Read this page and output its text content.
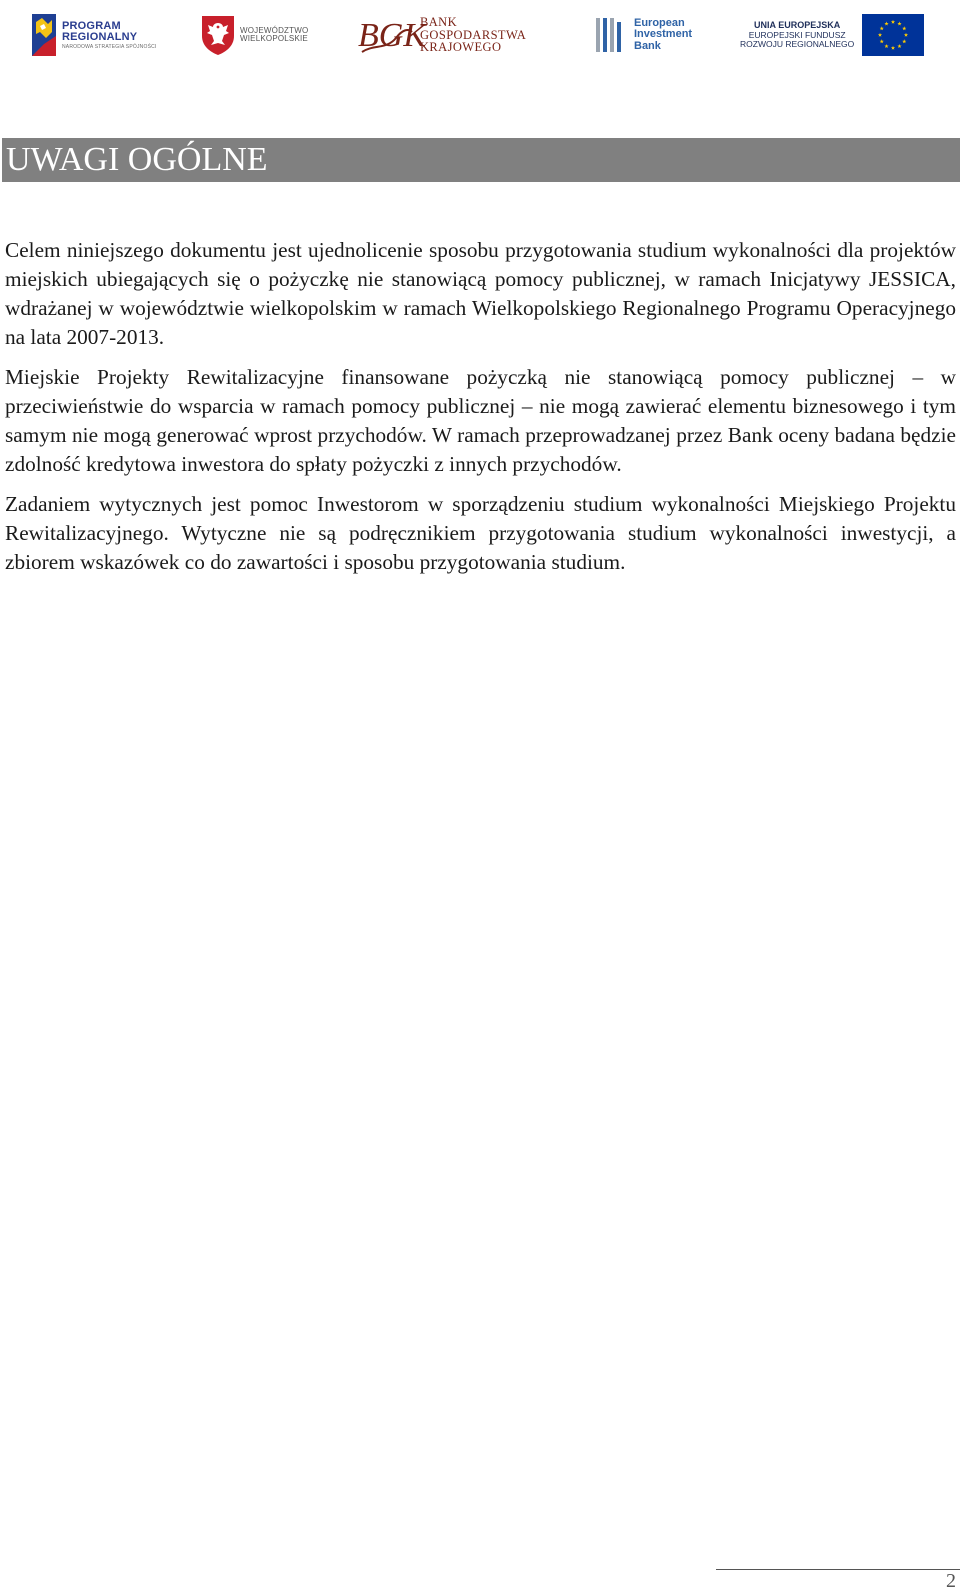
PROGRAM
REGIONALNY
NARODOWA STRATEGIA SPÓJNOŚCI
WOJEWÓDZTWO
WIELKOPOLSKIE BGK
BANK
GOSPODARSTWA
KRAJOWEGO
European
Investment
Bank
UNIA EUROPEJSKA
EUROPEJSKI FUNDUSZ
ROZWOJU REGIONALNEGO
UWAGI OGÓLNE

Celem niniejszego dokumentu jest ujednolicenie sposobu przygotowania studium wykonalności dla projektów miejskich ubiegających się o pożyczkę nie stanowiącą pomocy publicznej, w ramach Inicjatywy JESSICA, wdrażanej w województwie wielkopolskim w ramach Wielkopolskiego Regionalnego Programu Operacyjnego na lata 2007-2013.

Miejskie Projekty Rewitalizacyjne finansowane pożyczką nie stanowiącą pomocy publicznej – w przeciwieństwie do wsparcia w ramach pomocy publicznej – nie mogą zawierać elementu biznesowego i tym samym nie mogą generować wprost przychodów. W ramach przeprowadzanej przez Bank oceny badana będzie zdolność kredytowa inwestora do spłaty pożyczki z innych przychodów.

Zadaniem wytycznych jest pomoc Inwestorom w sporządzeniu studium wykonalności Miejskiego Projektu Rewitalizacyjnego. Wytyczne nie są podręcznikiem przygotowania studium wykonalności inwestycji, a zbiorem wskazówek co do zawartości i sposobu przygotowania studium.

2
